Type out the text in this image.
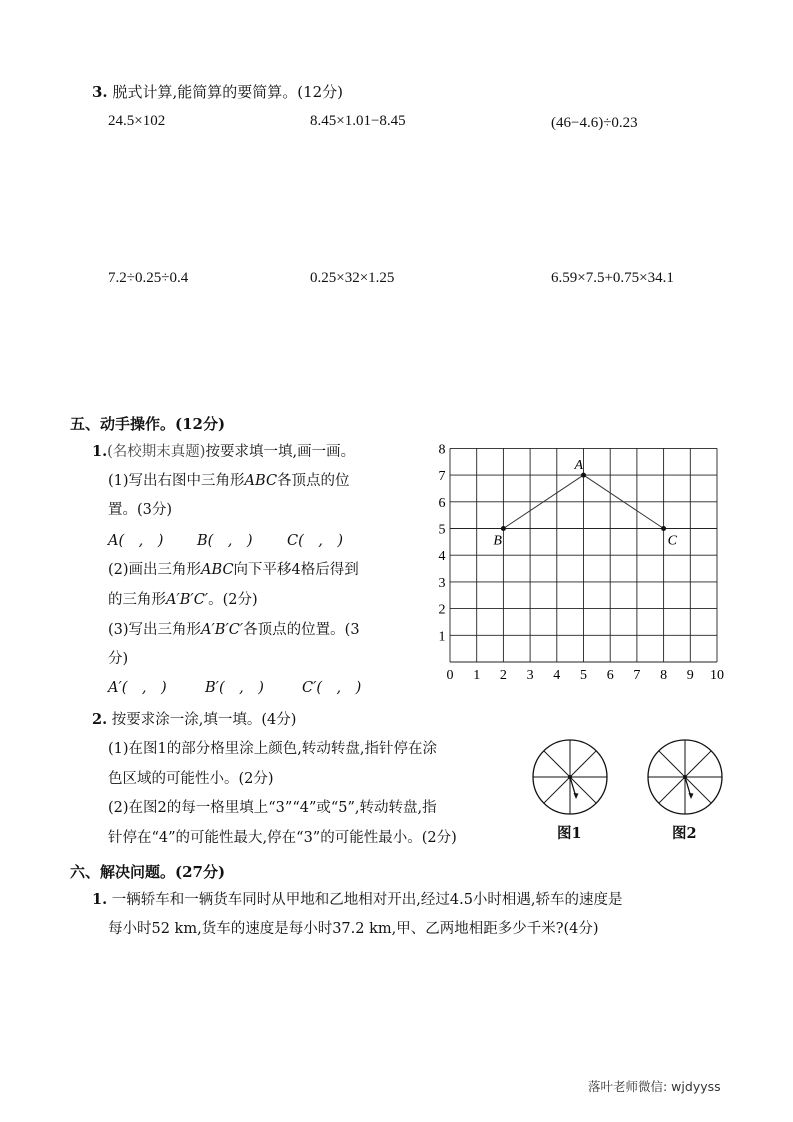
3. 脱式计算,能简算的要简算。(12分)
24.5×102	8.45×1.01−8.45	(46−4.6)÷0.23
7.2÷0.25÷0.4	0.25×32×1.25	6.59×7.5+0.75×34.1
五、动手操作。(12分)
1.(名校期末真题)按要求填一填,画一画。
(1)写出右图中三角形ABC各顶点的位
置。(3分)
A(　,　) B(　,　) C(　,　)
(2)画出三角形ABC向下平移4格后得到
的三角形A′B′C′。(2分)
(3)写出三角形A′B′C′各顶点的位置。(3
分)
A′(　,　)	B′(　,　)	C′(　,　)
0 1 2 3 4 5 6 7 8 9 10
1
2
3
4
5
6
7
8
A
B	C
2. 按要求涂一涂,填一填。(4分)
(1)在图1的部分格里涂上颜色,转动转盘,指针停在涂
色区域的可能性小。(2分)
(2)在图2的每一格里填上“3”“4”或“5”,转动转盘,指
针停在“4”的可能性最大,停在“3”的可能性最小。(2分)	图1	图2
六、解决问题。(27分)
1. 一辆轿车和一辆货车同时从甲地和乙地相对开出,经过4.5小时相遇,轿车的速度是
每小时52 km,货车的速度是每小时37.2 km,甲、乙两地相距多少千米?(4分)
落叶老师微信: wjdyyss
